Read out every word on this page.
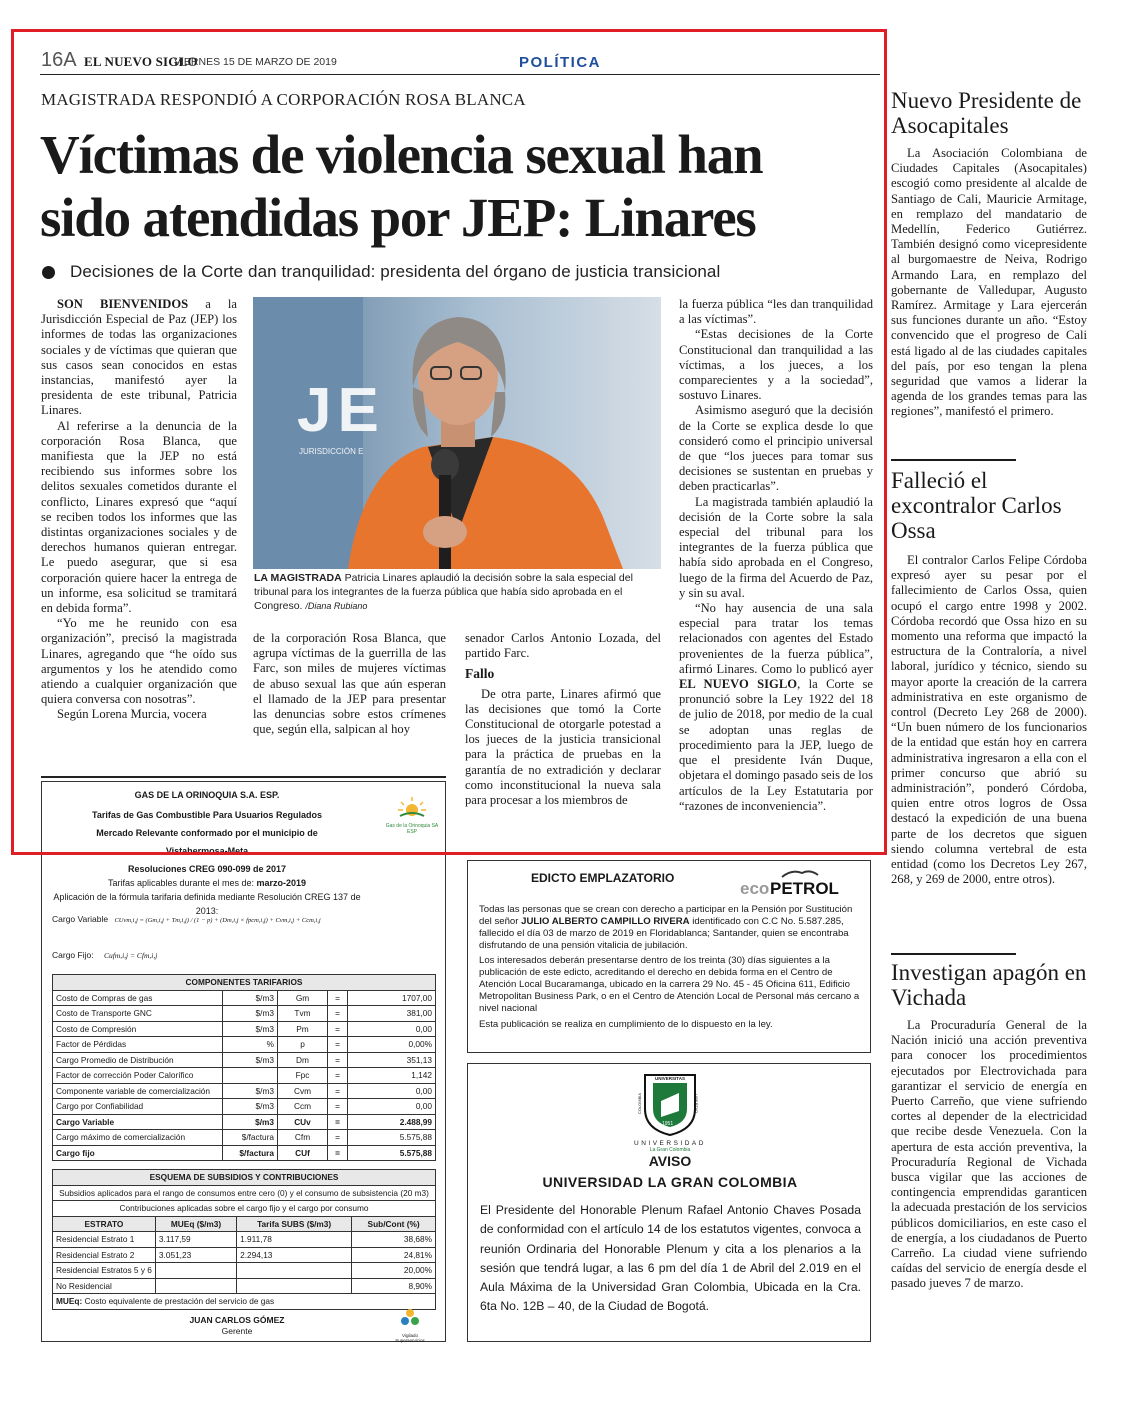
16A EL NUEVO SIGLO
VIERNES 15 DE MARZO DE 2019	POLÍTICA
MAGISTRADA RESPONDIÓ A CORPORACIÓN ROSA BLANCA
Víctimas de violencia sexual han
sido atendidas por JEP: Linares
Decisiones de la Corte dan tranquilidad: presidenta del órgano de justicia transicional

SON BIENVENIDOS a la Jurisdicción Especial de Paz (JEP) los informes de todas las organizaciones sociales y de víctimas que quieran que sus casos sean conocidos en estas instancias, manifestó ayer la presidenta de este tribunal, Patricia Linares.

Al referirse a la denuncia de la corporación Rosa Blanca, que manifiesta que la JEP no está recibiendo sus informes sobre los delitos sexuales cometidos durante el conflicto, Linares expresó que “aquí se reciben todos los informes que las distintas organizaciones sociales y de derechos humanos quieran entregar. Le puedo asegurar, que si esa corporación quiere hacer la entrega de un informe, esa solicitud se tramitará en debida forma”.

“Yo me he reunido con esa organización”, precisó la magistrada Linares, agregando que “he oído sus argumentos y los he atendido como atiendo a cualquier organización que quiera conversa con nosotras”.

Según Lorena Murcia, vocera

JE
JURISDICCIÓN E
LA MAGISTRADA Patricia Linares aplaudió la decisión sobre la sala especial del tribunal para los integrantes de la fuerza pública que había sido aprobada en el Congreso. /Diana Rubiano

de la corporación Rosa Blanca, que agrupa víctimas de la guerrilla de las Farc, son miles de mujeres víctimas de abuso sexual las que aún esperan el llamado de la JEP para presentar las denuncias sobre estos crímenes que, según ella, salpican al hoy

senador Carlos Antonio Lozada, del partido Farc.

Fallo

De otra parte, Linares afirmó que las decisiones que tomó la Corte Constitucional de otorgarle potestad a los jueces de la justicia transicional para la práctica de pruebas en la garantía de no extradición y declarar como inconstitucional la nueva sala para procesar a los miembros de

la fuerza pública “les dan tranquilidad a las víctimas”.

“Estas decisiones de la Corte Constitucional dan tranquilidad a las víctimas, a los jueces, a los comparecientes y a la sociedad”, sostuvo Linares.

Asimismo aseguró que la decisión de la Corte se explica desde lo que consideró como el principio universal de que “los jueces para tomar sus decisiones se sustentan en pruebas y deben practicarlas”.

La magistrada también aplaudió la decisión de la Corte sobre la sala especial del tribunal para los integrantes de la fuerza pública que había sido aprobada en el Congreso, luego de la firma del Acuerdo de Paz, y sin su aval.

“No hay ausencia de una sala especial para tratar los temas relacionados con agentes del Estado provenientes de la fuerza pública”, afirmó Linares. Como lo publicó ayer EL NUEVO SIGLO, la Corte se pronunció sobre la Ley 1922 del 18 de julio de 2018, por medio de la cual se adoptan unas reglas de procedimiento para la JEP, luego de que el presidente Iván Duque, objetara el domingo pasado seis de los artículos de la Ley Estatutaria por “razones de inconveniencia”.

Nuevo Presidente de Asocapitales

La Asociación Colombiana de Ciudades Capitales (Asocapitales) escogió como presidente al alcalde de Santiago de Cali, Mauricie Armitage, en remplazo del mandatario de Medellín, Federico Gutiérrez. También designó como vicepresidente al burgomaestre de Neiva, Rodrigo Armando Lara, en remplazo del gobernante de Valledupar, Augusto Ramírez. Armitage y Lara ejercerán sus funciones durante un año. “Estoy convencido que el progreso de Cali está ligado al de las ciudades capitales del país, por eso tengan la plena seguridad que vamos a liderar la agenda de los grandes temas para las regiones”, manifestó el primero.

Falleció el excontralor Carlos Ossa

El contralor Carlos Felipe Córdoba expresó ayer su pesar por el fallecimiento de Carlos Ossa, quien ocupó el cargo entre 1998 y 2002. Córdoba recordó que Ossa hizo en su momento una reforma que impactó la estructura de la Contraloría, a nivel laboral, jurídico y técnico, siendo su mayor aporte la creación de la carrera administrativa en este organismo de control (Decreto Ley 268 de 2000). “Un buen número de los funcionarios de la entidad que están hoy en carrera administrativa ingresaron a ella con el primer concurso que abrió su administración”, ponderó Córdoba, quien entre otros logros de Ossa destacó la expedición de una buena parte de los decretos que siguen siendo columna vertebral de esta entidad (como los Decretos Ley 267, 268, y 269 de 2000, entre otros).

Investigan apagón en Vichada

La Procuraduría General de la Nación inició una acción preventiva para conocer los procedimientos ejecutados por Electrovichada para garantizar el servicio de energía en Puerto Carreño, que viene sufriendo cortes al depender de la electricidad que recibe desde Venezuela. Con la apertura de esta acción preventiva, la Procuraduría Regional de Vichada busca vigilar que las acciones de contingencia emprendidas garanticen la adecuada prestación de los servicios públicos domiciliarios, en este caso el de energía, a los ciudadanos de Puerto Carreño. La ciudad viene sufriendo caídas del servicio de energía desde el pasado jueves 7 de marzo.

GAS DE LA ORINOQUIA S.A. ESP.
Tarifas de Gas Combustible Para Usuarios Regulados
Mercado Relevante conformado por el municipio de
Vistahermosa-Meta
Resoluciones CREG 090-099 de 2017
Tarifas aplicables durante el mes de: marzo-2019
Aplicación de la fórmula tarifaria definida mediante Resolución CREG 137 de 2013:
Gas de la Orinoquia SA ESP
Cargo Variable CUvm,i,j = (Gm,i,j + Tm,i,j) / (1 − p) + (Dm,i,j × fpcm,i,j) + Cvm,i,j + Ccm,i,j
Cargo Fijo: Cufm,i,j = Cfm,i,j
COMPONENTES TARIFARIOS				
Costo de Compras de gas	$/m3	Gm	=	1707,00
Costo de Transporte GNC	$/m3	Tvm	=	381,00
Costo de Compresión	$/m3	Pm	=	0,00
Factor de Pérdidas	%	p	=	0,00%
Cargo Promedio de Distribución	$/m3	Dm	=	351,13
Factor de corrección Poder Calorífico		Fpc	=	1,142
Componente variable de comercialización	$/m3	Cvm	=	0,00
Cargo por Confiabilidad	$/m3	Ccm	=	0,00
Cargo Variable	$/m3	CUv	=	2.488,99
Cargo máximo de comercialización	$/factura	Cfm	=	5.575,88
Cargo fijo	$/factura	CUf	=	5.575,88
ESQUEMA DE SUBSIDIOS Y CONTRIBUCIONES			
Subsidios aplicados para el rango de consumos entre cero (0) y el consumo de subsistencia (20 m3)			
Contribuciones aplicadas sobre el cargo fijo y el cargo por consumo			
ESTRATO	MUEq ($/m3)	Tarifa SUBS ($/m3)	Sub/Cont (%)
Residencial Estrato 1	3.117,59	1.911,78	38,68%
Residencial Estrato 2	3.051,23	2.294,13	24,81%
Residencial Estratos 5 y 6			20,00%
No Residencial			8,90%
MUEq: Costo equivalente de prestación del servicio de gas			
JUAN CARLOS GÓMEZ
Gerente	Vigilado Superservicios
EDICTO EMPLAZATORIO
eco PETROL

Todas las personas que se crean con derecho a participar en la Pensión por Sustitución del señor JULIO ALBERTO CAMPILLO RIVERA identificado con C.C No. 5.587.285, fallecido el día 03 de marzo de 2019 en Floridablanca; Santander, quien se encontraba disfrutando de una pensión vitalicia de jubilación.

Los interesados deberán presentarse dentro de los treinta (30) días siguientes a la publicación de este edicto, acreditando el derecho en debida forma en el Centro de Atención Local Bucaramanga, ubicado en la carrera 29 No. 45 - 45 Oficina 611, Edificio Metropolitan Business Park, o en el Centro de Atención Local de Personal más cercano a nivel nacional

Esta publicación se realiza en cumplimiento de lo dispuesto en la ley.

UNIVERSITAS
COLOMBIA	LIBERTAD
1951
UNIVERSIDAD
La Gran Colombia
AVISO
UNIVERSIDAD LA GRAN COLOMBIA
El Presidente del Honorable Plenum Rafael Antonio Chaves Posada de conformidad con el artículo 14 de los estatutos vigentes, convoca a reunión Ordinaria del Honorable Plenum y cita a los plenarios a la sesión que tendrá lugar, a las 6 pm del día 1 de Abril del 2.019 en el Aula Máxima de la Universidad Gran Colombia, Ubicada en la Cra. 6ta No. 12B – 40, de la Ciudad de Bogotá.
